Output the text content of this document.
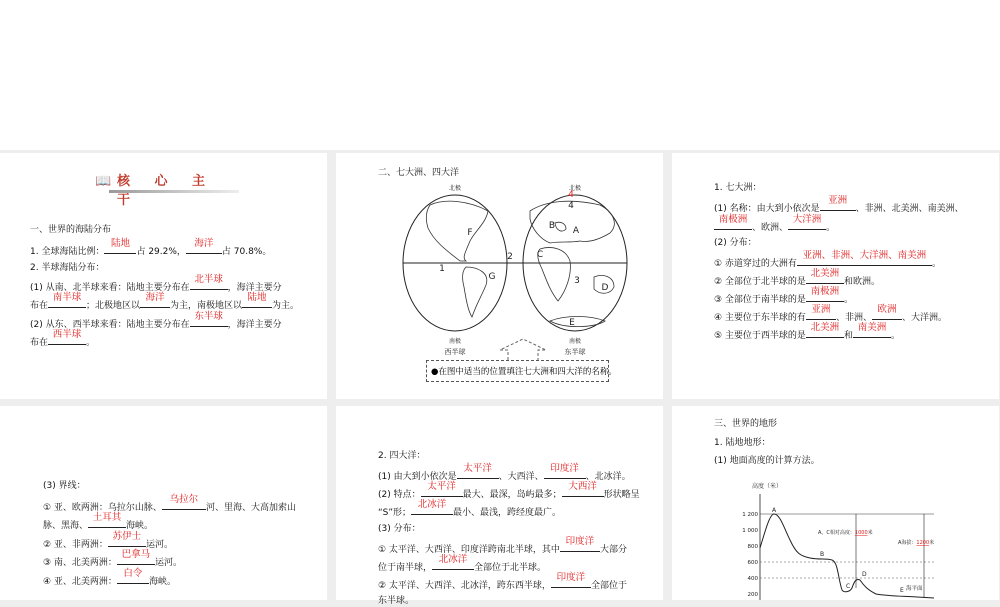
📖 核 心 主 干
一、世界的海陆分布
1. 全球海陆比例：
陆地
占 29.2%，
海洋
占 70.8%。
2. 半球海陆分布：
(1) 从南、北半球来看：陆地主要分布在
北半球
，海洋主要分
布在
南半球
；北极地区以
海洋
为主，南极地区以
陆地
为主。
(2) 从东、西半球来看：陆地主要分布在
东半球
，海洋主要分
布在
西半球
。
二、七大洲、四大洋
北极	北极
南极	南极
西半球	东半球
F
1
2
G
4
B A
C
3
D
E
4
●在图中适当的位置填注七大洲和四大洋的名称。
1. 七大洲：
(1) 名称：由大到小依次是
亚洲
、非洲、北美洲、南美洲、
南极洲
、欧洲、
大洋洲
。
(2) 分布：
① 赤道穿过的大洲有
亚洲、非洲、大洋洲、南美洲
。
② 全部位于北半球的是
北美洲
和欧洲。
③ 全部位于南半球的是
南极洲
。
④ 主要位于东半球的有
亚洲
、非洲、
欧洲
、大洋洲。
⑤ 主要位于西半球的是
北美洲
和
南美洲
。
(3) 界线：
① 亚、欧两洲：乌拉尔山脉、
乌拉尔
河、里海、大高加索山
脉、黑海、
土耳其
海峡。
② 亚、非两洲：
苏伊士
运河。
③ 南、北美两洲：
巴拿马
运河。
④ 亚、北美两洲：
白令
海峡。
2. 四大洋：
(1) 由大到小依次是
太平洋
、大西洋、
印度洋
、北冰洋。
(2) 特点：
太平洋
最大、最深，岛屿最多；
大西洋
形状略呈
“S”形；
北冰洋
最小、最浅，跨经度最广。
(3) 分布：
① 太平洋、大西洋、印度洋跨南北半球，其中
印度洋
大部分
位于南半球，
北冰洋
全部位于北半球。
② 太平洋、大西洋、北冰洋，跨东西半球，
印度洋
全部位于
东半球。
三、世界的地形
1. 陆地地形：
(1) 地面高度的计算方法。
高度（米）
1 200
1 000
800
600
400
200
A
B
C
D
E
A、C相对高度：1000米
A海拔：1200米
海平面
